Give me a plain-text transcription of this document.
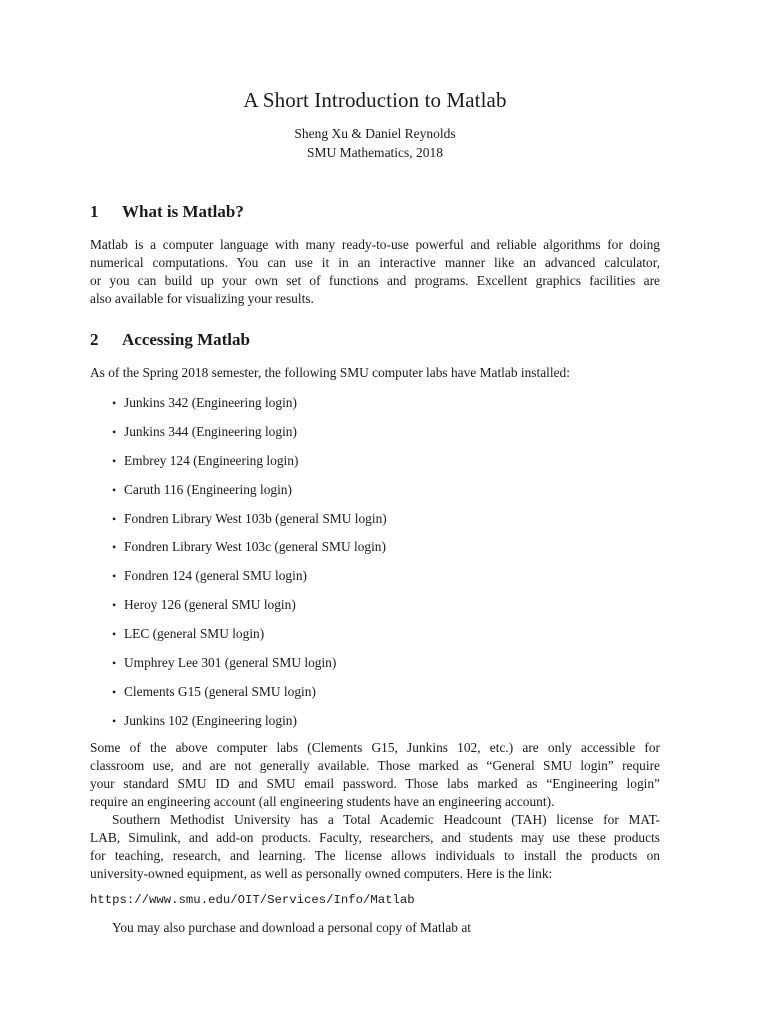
A Short Introduction to Matlab
Sheng Xu & Daniel Reynolds
SMU Mathematics, 2018
1 What is Matlab?
Matlab is a computer language with many ready-to-use powerful and reliable algorithms for doing
numerical computations. You can use it in an interactive manner like an advanced calculator,
or you can build up your own set of functions and programs. Excellent graphics facilities are
also available for visualizing your results.
2 Accessing Matlab
As of the Spring 2018 semester, the following SMU computer labs have Matlab installed:
• Junkins 342 (Engineering login)
• Junkins 344 (Engineering login)
• Embrey 124 (Engineering login)
• Caruth 116 (Engineering login)
• Fondren Library West 103b (general SMU login)
• Fondren Library West 103c (general SMU login)
• Fondren 124 (general SMU login)
• Heroy 126 (general SMU login)
• LEC (general SMU login)
• Umphrey Lee 301 (general SMU login)
• Clements G15 (general SMU login)
• Junkins 102 (Engineering login)
Some of the above computer labs (Clements G15, Junkins 102, etc.) are only accessible for
classroom use, and are not generally available. Those marked as “General SMU login” require
your standard SMU ID and SMU email password. Those labs marked as “Engineering login”
require an engineering account (all engineering students have an engineering account).
Southern Methodist University has a Total Academic Headcount (TAH) license for MAT-
LAB, Simulink, and add-on products. Faculty, researchers, and students may use these products
for teaching, research, and learning. The license allows individuals to install the products on
university-owned equipment, as well as personally owned computers. Here is the link:
https://www.smu.edu/OIT/Services/Info/Matlab
You may also purchase and download a personal copy of Matlab at
